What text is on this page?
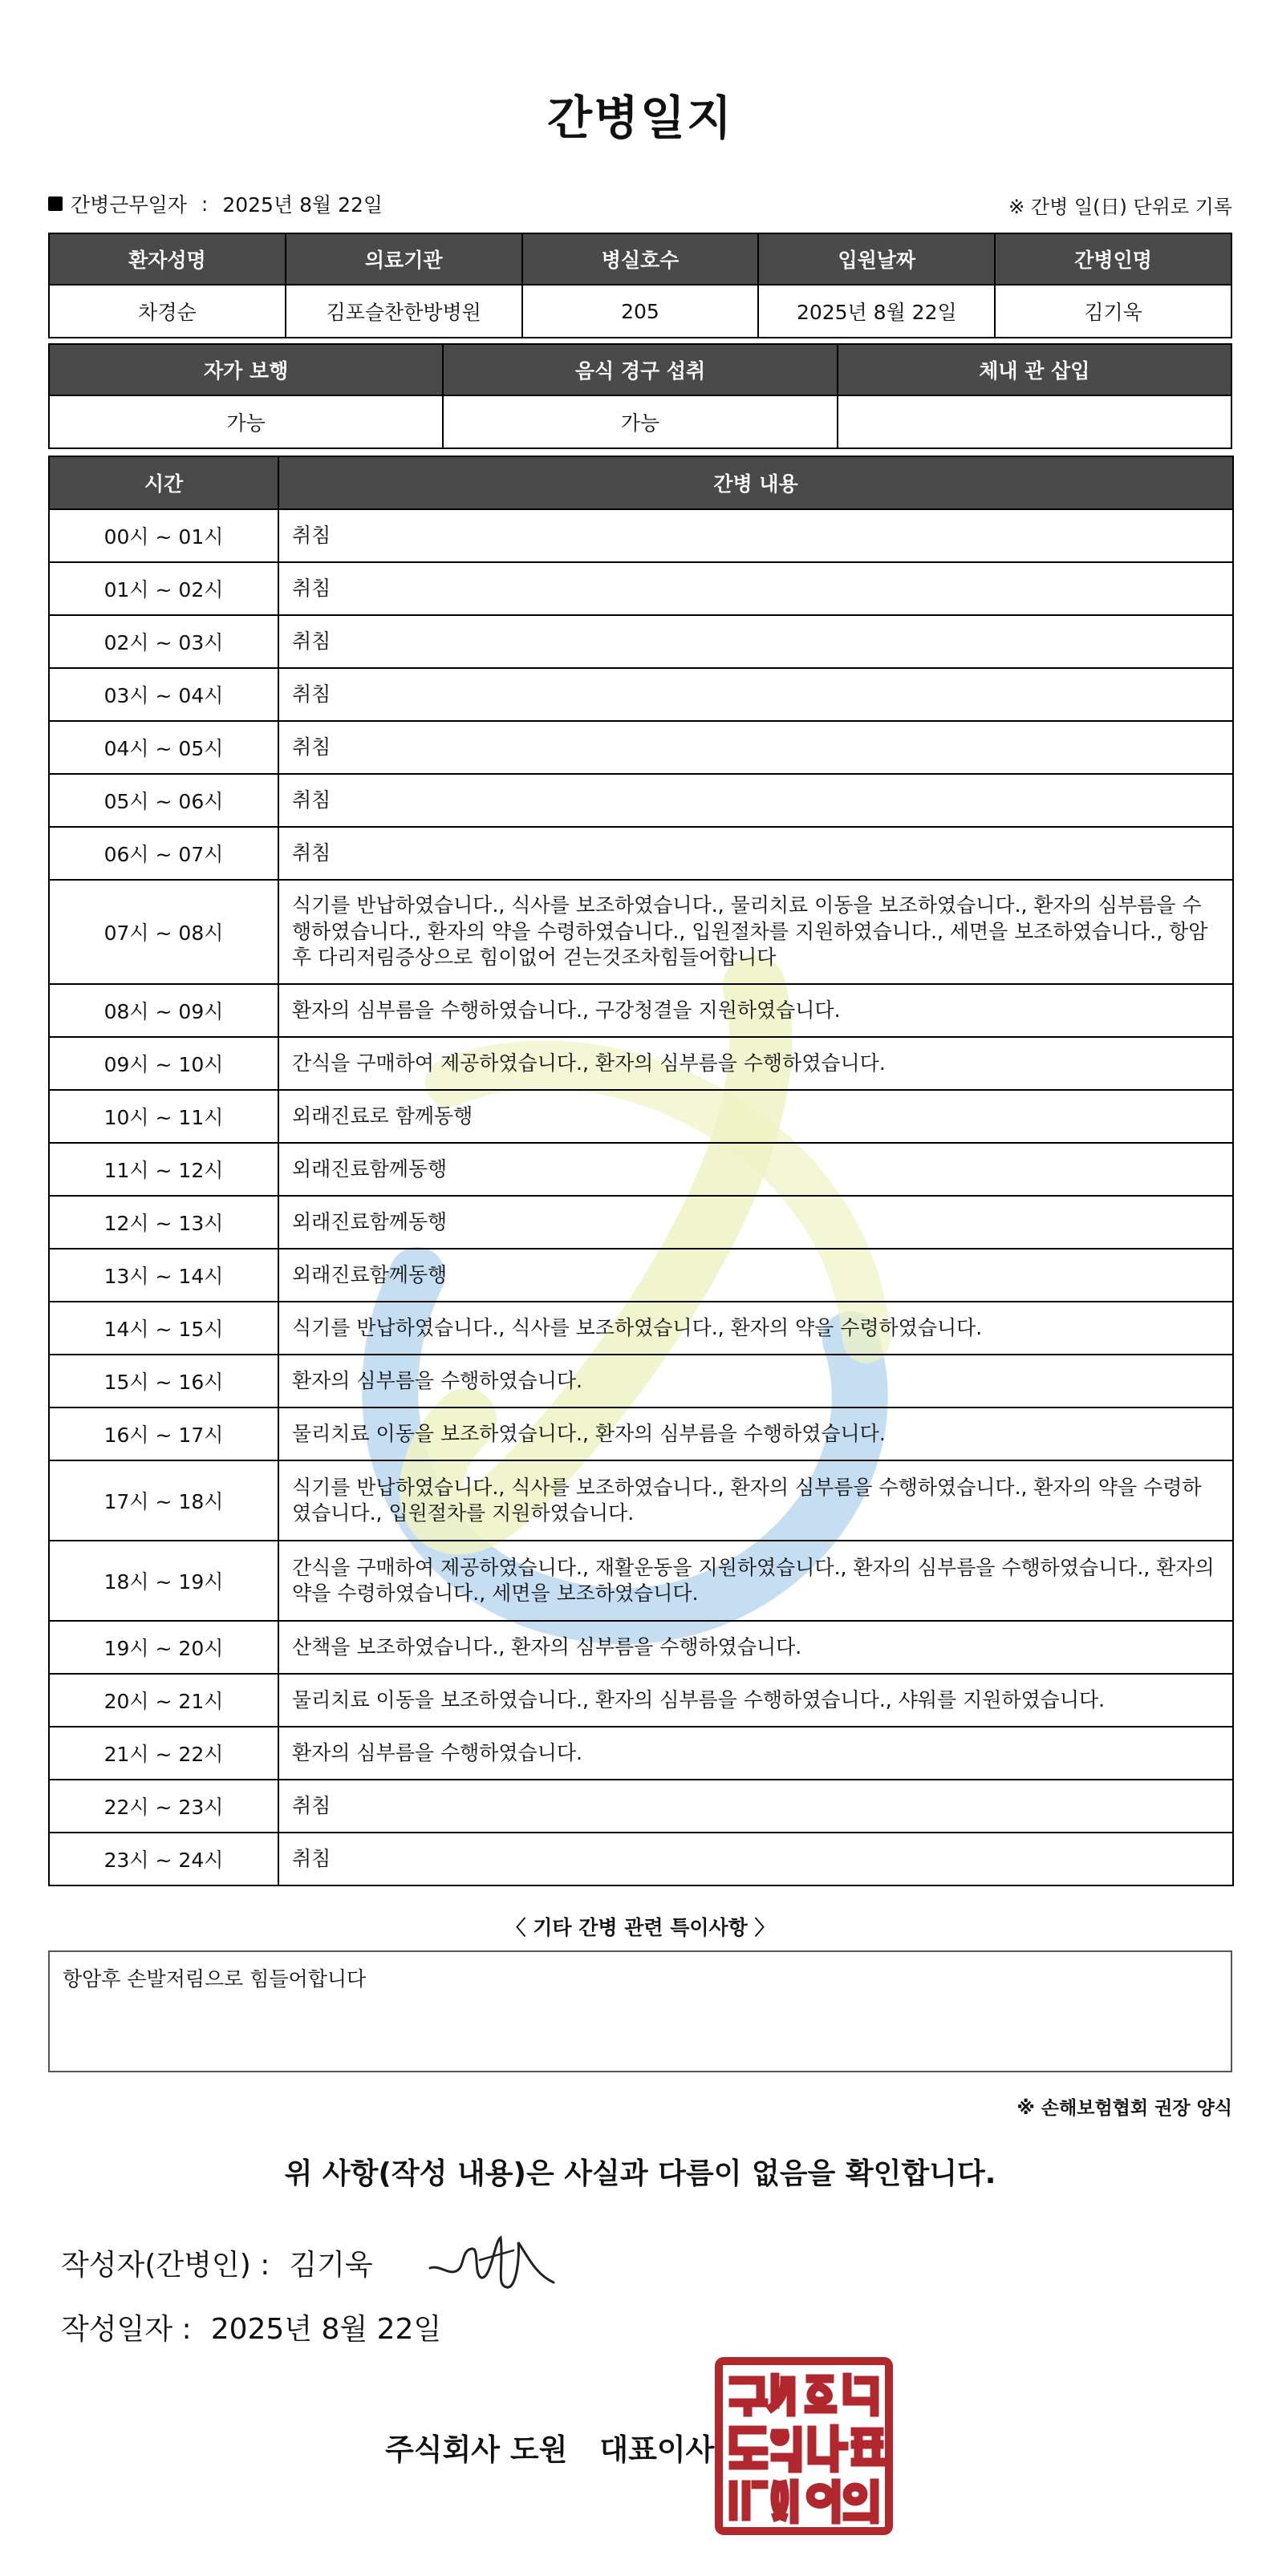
간병일지
간병근무일자 : 2025년 8월 22일	※ 간병 일(日) 단위로 기록
환자성명	의료기관	병실호수	입원날짜	간병인명
차경순	김포슬찬한방병원	205	2025년 8월 22일	김기욱
자가 보행	음식 경구 섭취	체내 관 삽입
가능	가능	
시간	간병 내용
00시 ~ 01시	취침
01시 ~ 02시	취침
02시 ~ 03시	취침
03시 ~ 04시	취침
04시 ~ 05시	취침
05시 ~ 06시	취침
06시 ~ 07시	취침
07시 ~ 08시	식기를 반납하였습니다., 식사를 보조하였습니다., 물리치료 이동을 보조하였습니다., 환자의 심부름을 수행하였습니다., 환자의 약을 수령하였습니다., 입원절차를 지원하였습니다., 세면을 보조하였습니다., 항암후 다리저림증상으로 힘이없어 걷는것조차힘들어합니다
08시 ~ 09시	환자의 심부름을 수행하였습니다., 구강청결을 지원하였습니다.
09시 ~ 10시	간식을 구매하여 제공하였습니다., 환자의 심부름을 수행하였습니다.
10시 ~ 11시	외래진료로 함께동행
11시 ~ 12시	외래진료함께동행
12시 ~ 13시	외래진료함께동행
13시 ~ 14시	외래진료함께동행
14시 ~ 15시	식기를 반납하였습니다., 식사를 보조하였습니다., 환자의 약을 수령하였습니다.
15시 ~ 16시	환자의 심부름을 수행하였습니다.
16시 ~ 17시	물리치료 이동을 보조하였습니다., 환자의 심부름을 수행하였습니다.
17시 ~ 18시	식기를 반납하였습니다., 식사를 보조하였습니다., 환자의 심부름을 수행하였습니다., 환자의 약을 수령하였습니다., 입원절차를 지원하였습니다.
18시 ~ 19시	간식을 구매하여 제공하였습니다., 재활운동을 지원하였습니다., 환자의 심부름을 수행하였습니다., 환자의 약을 수령하였습니다., 세면을 보조하였습니다.
19시 ~ 20시	산책을 보조하였습니다., 환자의 심부름을 수행하였습니다.
20시 ~ 21시	물리치료 이동을 보조하였습니다., 환자의 심부름을 수행하였습니다., 샤워를 지원하였습니다.
21시 ~ 22시	환자의 심부름을 수행하였습니다.
22시 ~ 23시	취침
23시 ~ 24시	취침
〈 기타 간병 관련 특이사항 〉
항암후 손발저림으로 힘들어합니다
※ 손해보험협회 권장 양식
위 사항(작성 내용)은 사실과 다름이 없음을 확인합니다.
작성자(간병인) : 김기욱
작성일자 : 2025년 8월 22일
주식회사 도원 대표이사
